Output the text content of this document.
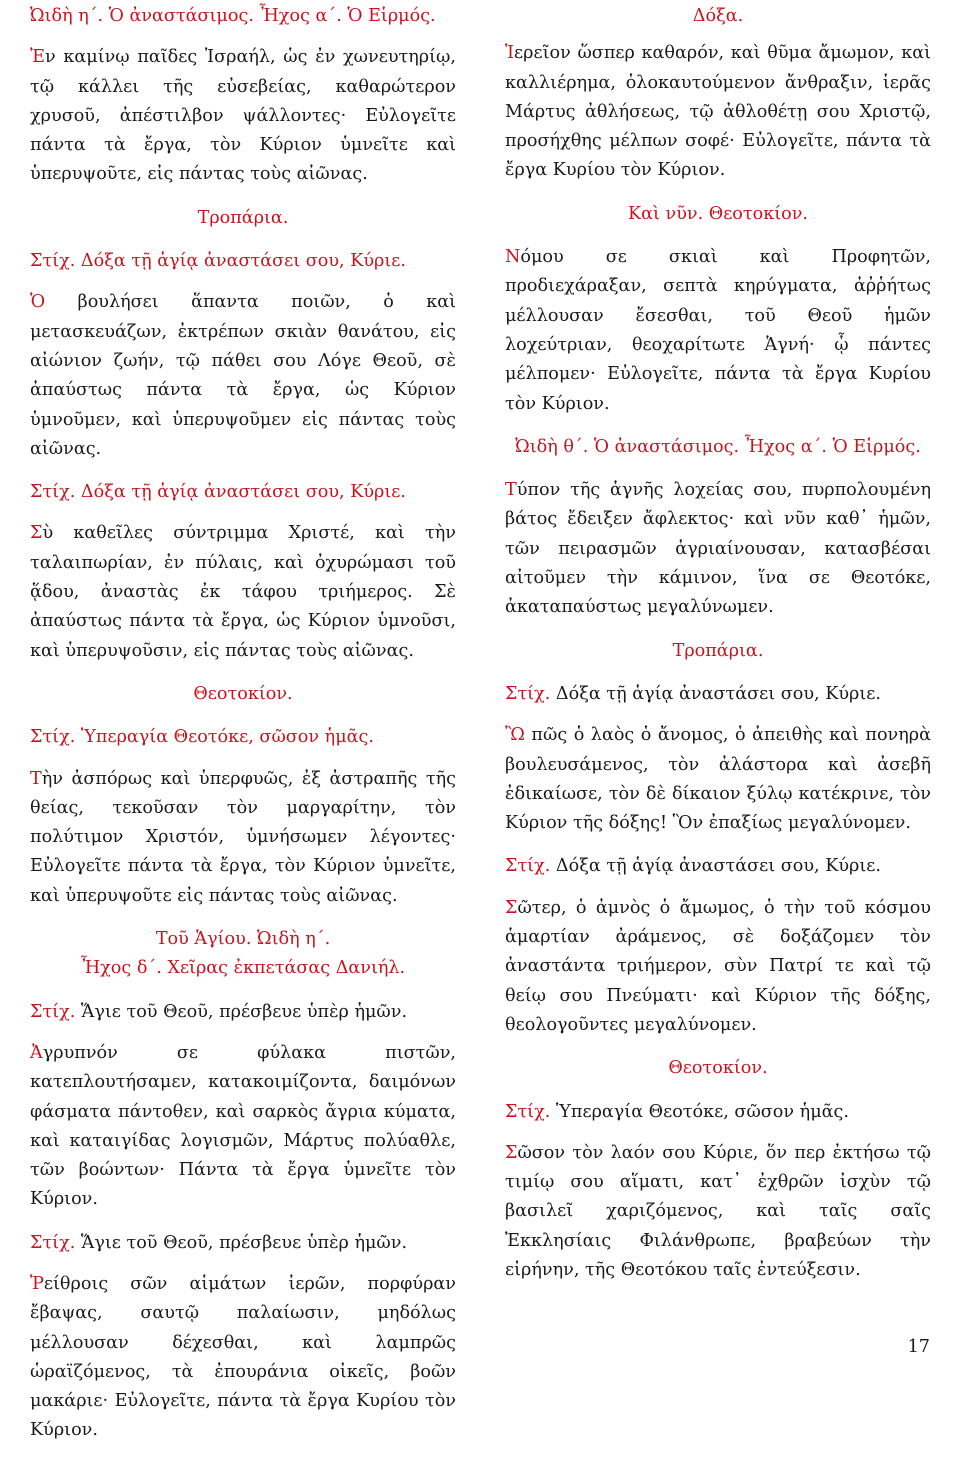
Ὠιδὴ η΄. Ὁ ἀναστάσιμος. Ἦχος α΄. Ὁ Εἱρμός.

Ἐν καμίνῳ παῖδες Ἰσραήλ, ὡς ἐν χωνευτηρίῳ, τῷ κάλλει τῆς εὐσεβείας, καθαρώτερον χρυσοῦ, ἀπέστιλβον ψάλλοντες· Εὐλογεῖτε πάντα τὰ ἔργα, τὸν Κύριον ὑμνεῖτε καὶ ὑπερυψοῦτε, εἰς πάντας τοὺς αἰῶνας.

Τροπάρια.
Στίχ. Δόξα τῇ ἁγίᾳ ἀναστάσει σου, Κύριε.

Ὁ βουλήσει ἅπαντα ποιῶν, ὁ καὶ μετασκευάζων, ἐκτρέπων σκιὰν θανάτου, εἰς αἰώνιον ζωήν, τῷ πάθει σου Λόγε Θεοῦ, σὲ ἀπαύστως πάντα τὰ ἔργα, ὡς Κύριον ὑμνοῦμεν, καὶ ὑπερυψοῦμεν εἰς πάντας τοὺς αἰῶνας.

Στίχ. Δόξα τῇ ἁγίᾳ ἀναστάσει σου, Κύριε.

Σὺ καθεῖλες σύντριμμα Χριστέ, καὶ τὴν ταλαιπωρίαν, ἐν πύλαις, καὶ ὀχυρώμασι τοῦ ᾅδου, ἀναστὰς ἐκ τάφου τριήμερος. Σὲ ἀπαύστως πάντα τὰ ἔργα, ὡς Κύριον ὑμνοῦσι, καὶ ὑπερυψοῦσιν, εἰς πάντας τοὺς αἰῶνας.

Θεοτοκίον.
Στίχ. Ὑπεραγία Θεοτόκε, σῶσον ἡμᾶς.

Τὴν ἀσπόρως καὶ ὑπερφυῶς, ἐξ ἀστραπῆς τῆς θείας, τεκοῦσαν τὸν μαργαρίτην, τὸν πολύτιμον Χριστόν, ὑμνήσωμεν λέγοντες· Εὐλογεῖτε πάντα τὰ ἔργα, τὸν Κύριον ὑμνεῖτε, καὶ ὑπερυψοῦτε εἰς πάντας τοὺς αἰῶνας.

Τοῦ Ἁγίου. Ὠιδὴ η΄.
Ἦχος δ΄. Χεῖρας ἐκπετάσας Δανιήλ.
Στίχ. Ἅγιε τοῦ Θεοῦ, πρέσβευε ὑπὲρ ἡμῶν.

Ἀγρυπνόν σε φύλακα πιστῶν, κατεπλουτήσαμεν, κατακοιμίζοντα, δαιμόνων φάσματα πάντοθεν, καὶ σαρκὸς ἄγρια κύματα, καὶ καταιγίδας λογισμῶν, Μάρτυς πολύαθλε, τῶν βοώντων· Πάντα τὰ ἔργα ὑμνεῖτε τὸν Κύριον.

Στίχ. Ἅγιε τοῦ Θεοῦ, πρέσβευε ὑπὲρ ἡμῶν.

Ῥείθροις σῶν αἱμάτων ἱερῶν, πορφύραν ἔβαψας, σαυτῷ παλαίωσιν, μηδόλως μέλλουσαν δέχεσθαι, καὶ λαμπρῶς ὡραϊζόμενος, τὰ ἐπουράνια οἰκεῖς, βοῶν μακάριε· Εὐλογεῖτε, πάντα τὰ ἔργα Κυρίου τὸν Κύριον.

Δόξα.

Ἱερεῖον ὥσπερ καθαρόν, καὶ θῦμα ἄμωμον, καὶ καλλιέρημα, ὁλοκαυτούμενον ἄνθραξιν, ἱερᾶς Μάρτυς ἀθλήσεως, τῷ ἀθλοθέτῃ σου Χριστῷ, προσήχθης μέλπων σοφέ· Εὐλογεῖτε, πάντα τὰ ἔργα Κυρίου τὸν Κύριον.

Καὶ νῦν. Θεοτοκίον.

Νόμου σε σκιαὶ καὶ Προφητῶν, προδιεχάραξαν, σεπτὰ κηρύγματα, ἀῤῥήτως μέλλουσαν ἔσεσθαι, τοῦ Θεοῦ ἡμῶν λοχεύτριαν, θεοχαρίτωτε Ἁγνή· ᾧ πάντες μέλπομεν· Εὐλογεῖτε, πάντα τὰ ἔργα Κυρίου τὸν Κύριον.

Ὠιδὴ θ΄. Ὁ ἀναστάσιμος. Ἦχος α΄. Ὁ Εἱρμός.

Τύπον τῆς ἁγνῆς λοχείας σου, πυρπολουμένη βάτος ἔδειξεν ἄφλεκτος· καὶ νῦν καθ᾽ ἡμῶν, τῶν πειρασμῶν ἀγριαίνουσαν, κατασβέσαι αἰτοῦμεν τὴν κάμινον, ἵνα σε Θεοτόκε, ἀκαταπαύστως μεγαλύνωμεν.

Τροπάρια.
Στίχ. Δόξα τῇ ἁγίᾳ ἀναστάσει σου, Κύριε.

Ὢ πῶς ὁ λαὸς ὁ ἄνομος, ὁ ἀπειθὴς καὶ πονηρὰ βουλευσάμενος, τὸν ἀλάστορα καὶ ἀσεβῆ ἐδικαίωσε, τὸν δὲ δίκαιον ξύλῳ κατέκρινε, τὸν Κύριον τῆς δόξης! Ὃν ἐπαξίως μεγαλύνομεν.

Στίχ. Δόξα τῇ ἁγίᾳ ἀναστάσει σου, Κύριε.

Σῶτερ, ὁ ἀμνὸς ὁ ἄμωμος, ὁ τὴν τοῦ κόσμου ἁμαρτίαν ἀράμενος, σὲ δοξάζομεν τὸν ἀναστάντα τριήμερον, σὺν Πατρί τε καὶ τῷ θείῳ σου Πνεύματι· καὶ Κύριον τῆς δόξης, θεολογοῦντες μεγαλύνομεν.

Θεοτοκίον.
Στίχ. Ὑπεραγία Θεοτόκε, σῶσον ἡμᾶς.

Σῶσον τὸν λαόν σου Κύριε, ὅν περ ἐκτήσω τῷ τιμίῳ σου αἵματι, κατ᾽ ἐχθρῶν ἰσχὺν τῷ βασιλεῖ χαριζόμενος, καὶ ταῖς σαῖς Ἐκκλησίαις Φιλάνθρωπε, βραβεύων τὴν εἰρήνην, τῆς Θεοτόκου ταῖς ἐντεύξεσιν.

17
